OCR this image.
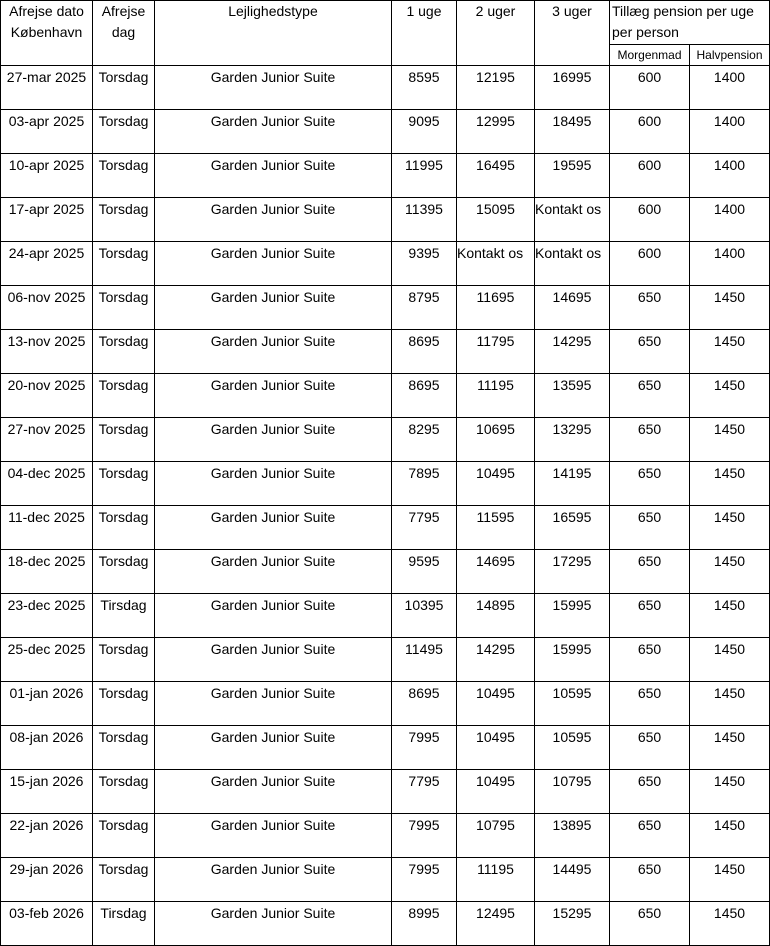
Afrejse dato København	Afrejse dag	Lejlighedstype	1 uge	2 uger	3 uger	Tillæg pension per uge per person	
						Morgenmad	Halvpension
27-mar 2025	Torsdag	Garden Junior Suite	8595	12195	16995	600	1400
03-apr 2025	Torsdag	Garden Junior Suite	9095	12995	18495	600	1400
10-apr 2025	Torsdag	Garden Junior Suite	11995	16495	19595	600	1400
17-apr 2025	Torsdag	Garden Junior Suite	11395	15095	Kontakt os	600	1400
24-apr 2025	Torsdag	Garden Junior Suite	9395	Kontakt os	Kontakt os	600	1400
06-nov 2025	Torsdag	Garden Junior Suite	8795	11695	14695	650	1450
13-nov 2025	Torsdag	Garden Junior Suite	8695	11795	14295	650	1450
20-nov 2025	Torsdag	Garden Junior Suite	8695	11195	13595	650	1450
27-nov 2025	Torsdag	Garden Junior Suite	8295	10695	13295	650	1450
04-dec 2025	Torsdag	Garden Junior Suite	7895	10495	14195	650	1450
11-dec 2025	Torsdag	Garden Junior Suite	7795	11595	16595	650	1450
18-dec 2025	Torsdag	Garden Junior Suite	9595	14695	17295	650	1450
23-dec 2025	Tirsdag	Garden Junior Suite	10395	14895	15995	650	1450
25-dec 2025	Torsdag	Garden Junior Suite	11495	14295	15995	650	1450
01-jan 2026	Torsdag	Garden Junior Suite	8695	10495	10595	650	1450
08-jan 2026	Torsdag	Garden Junior Suite	7995	10495	10595	650	1450
15-jan 2026	Torsdag	Garden Junior Suite	7795	10495	10795	650	1450
22-jan 2026	Torsdag	Garden Junior Suite	7995	10795	13895	650	1450
29-jan 2026	Torsdag	Garden Junior Suite	7995	11195	14495	650	1450
03-feb 2026	Tirsdag	Garden Junior Suite	8995	12495	15295	650	1450
